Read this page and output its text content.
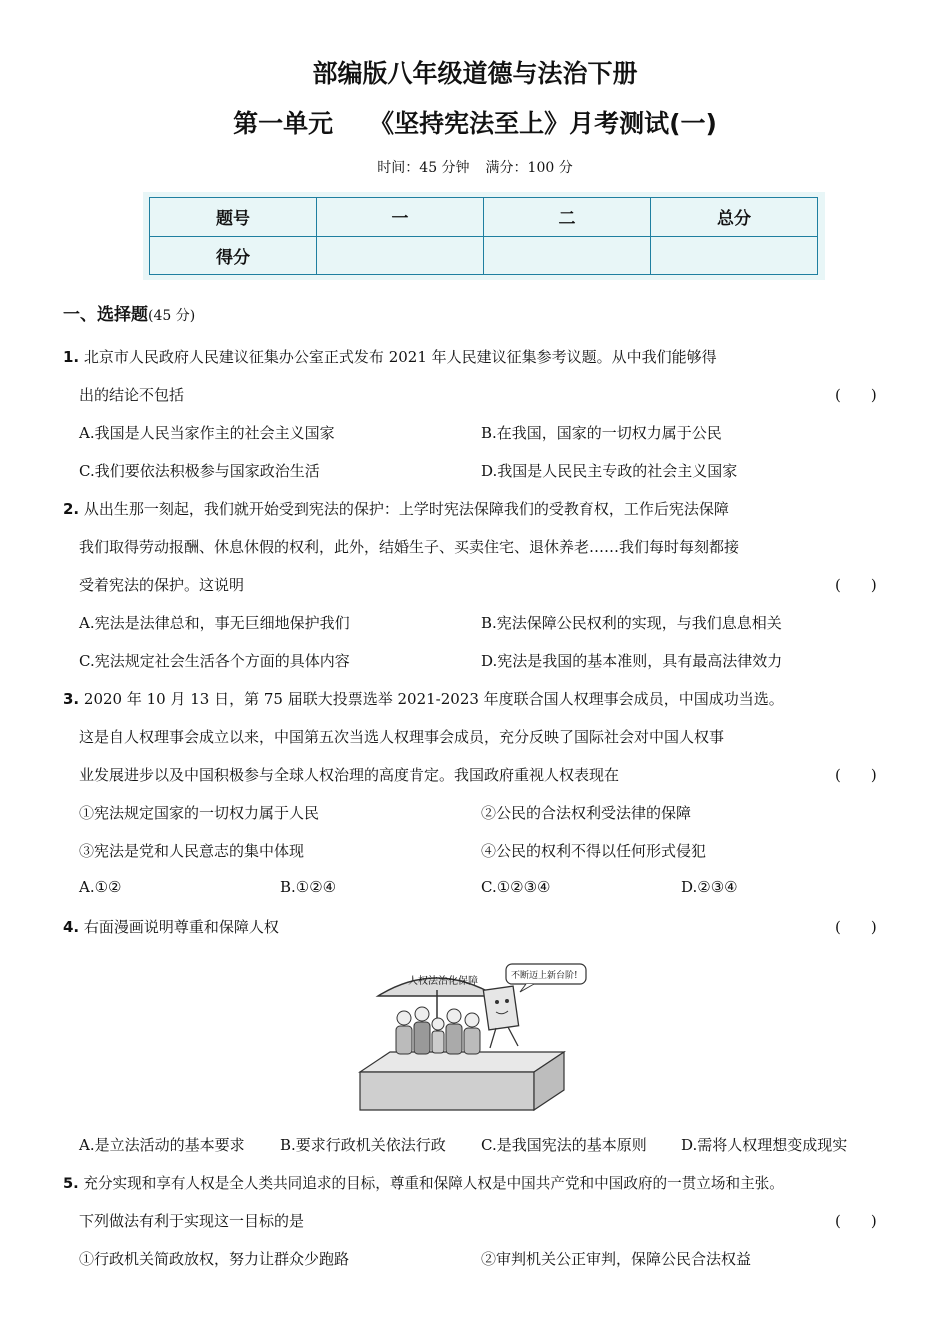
部编版八年级道德与法治下册
第一单元 《坚持宪法至上》月考测试(一)
时间：45 分钟 满分：100 分
题号	一	二	总分
得分			
一、选择题(45 分)
1. 北京市人民政府人民建议征集办公室正式发布 2021 年人民建议征集参考议题。从中我们能够得
出的结论不包括	(　　)
A.我国是人民当家作主的社会主义国家	B.在我国，国家的一切权力属于公民
C.我们要依法积极参与国家政治生活	D.我国是人民民主专政的社会主义国家
2. 从出生那一刻起，我们就开始受到宪法的保护：上学时宪法保障我们的受教育权，工作后宪法保障
我们取得劳动报酬、休息休假的权利，此外，结婚生子、买卖住宅、退休养老……我们每时每刻都接
受着宪法的保护。这说明	(　　)
A.宪法是法律总和，事无巨细地保护我们	B.宪法保障公民权利的实现，与我们息息相关
C.宪法规定社会生活各个方面的具体内容	D.宪法是我国的基本准则，具有最高法律效力
3. 2020 年 10 月 13 日，第 75 届联大投票选举 2021-2023 年度联合国人权理事会成员，中国成功当选。
这是自人权理事会成立以来，中国第五次当选人权理事会成员，充分反映了国际社会对中国人权事
业发展进步以及中国积极参与全球人权治理的高度肯定。我国政府重视人权表现在	(　　)
①宪法规定国家的一切权力属于人民	②公民的合法权利受法律的保障
③宪法是党和人民意志的集中体现	④公民的权利不得以任何形式侵犯
A.①②	B.①②④	C.①②③④	D.②③④
4. 右面漫画说明尊重和保障人权	(　　)
人权法治化保障	不断迈上新台阶!
A.是立法活动的基本要求 B.要求行政机关依法行政 C.是我国宪法的基本原则 D.需将人权理想变成现实
5. 充分实现和享有人权是全人类共同追求的目标，尊重和保障人权是中国共产党和中国政府的一贯立场和主张。
下列做法有利于实现这一目标的是	(　　)
①行政机关简政放权，努力让群众少跑路	②审判机关公正审判，保障公民合法权益
